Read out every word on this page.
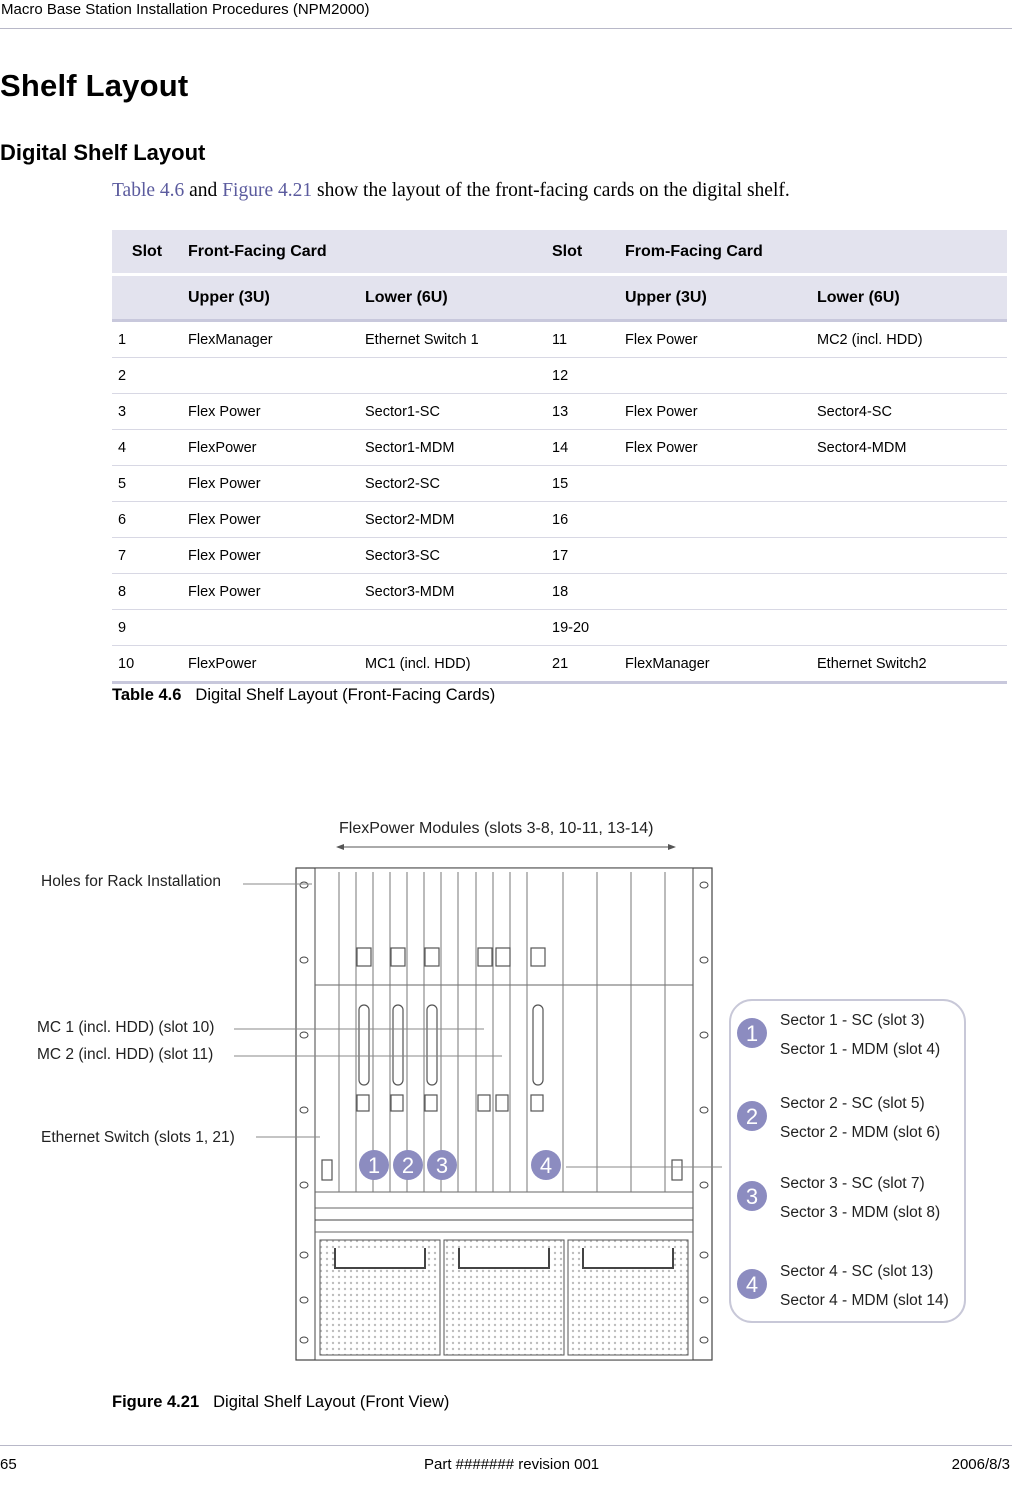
Macro Base Station Installation Procedures (NPM2000)
Shelf Layout
Digital Shelf Layout

Table 4.6 and Figure 4.21 show the layout of the front-facing cards on the digital shelf.

Slot	Front-Facing Card		Slot	From-Facing Card	
	Upper (3U)	Lower (6U)		Upper (3U)	Lower (6U)
1	FlexManager	Ethernet Switch 1	11	Flex Power	MC2 (incl. HDD)
2			12		
3	Flex Power	Sector1-SC	13	Flex Power	Sector4-SC
4	FlexPower	Sector1-MDM	14	Flex Power	Sector4-MDM
5	Flex Power	Sector2-SC	15		
6	Flex Power	Sector2-MDM	16		
7	Flex Power	Sector3-SC	17		
8	Flex Power	Sector3-MDM	18		
9			19-20		
10	FlexPower	MC1 (incl. HDD)	21	FlexManager	Ethernet Switch2

Table 4.6 Digital Shelf Layout (Front-Facing Cards)

1 2 3	4
1
2
3
4
FlexPower Modules (slots 3-8, 10-11, 13-14)
Holes for Rack Installation
MC 1 (incl. HDD) (slot 10)
MC 2 (incl. HDD) (slot 11)
Ethernet Switch (slots 1, 21)
Sector 1 - SC (slot 3)
Sector 1 - MDM (slot 4)
Sector 2 - SC (slot 5)
Sector 2 - MDM (slot 6)
Sector 3 - SC (slot 7)
Sector 3 - MDM (slot 8)
Sector 4 - SC (slot 13)
Sector 4 - MDM (slot 14)

Figure 4.21 Digital Shelf Layout (Front View)

65	Part ####### revision 001	2006/8/3
